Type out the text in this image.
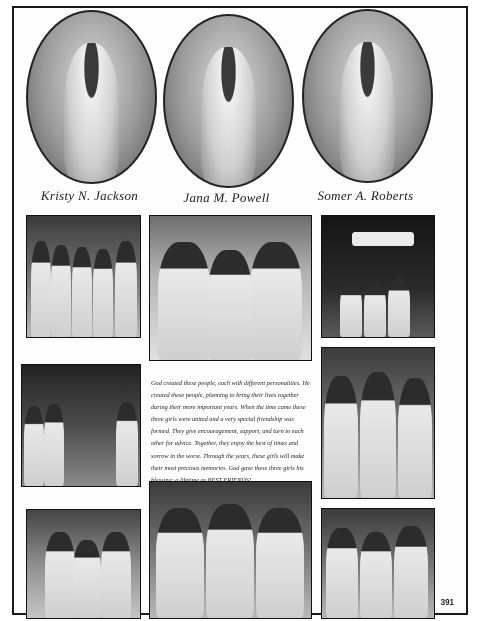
Kristy N. Jackson	Jana M. Powell	Somer A. Roberts

God created these people, each with different personalities. He created these people, planning to bring their lives together during their more important years. When the time came these three girls were united and a very special friendship was formed. They give encouragement, support, and turn to each other for advice. Together, they enjoy the best of times and sorrow in the worst. Through the years, these girls will make their most precious memories. God gave these three girls his

391
